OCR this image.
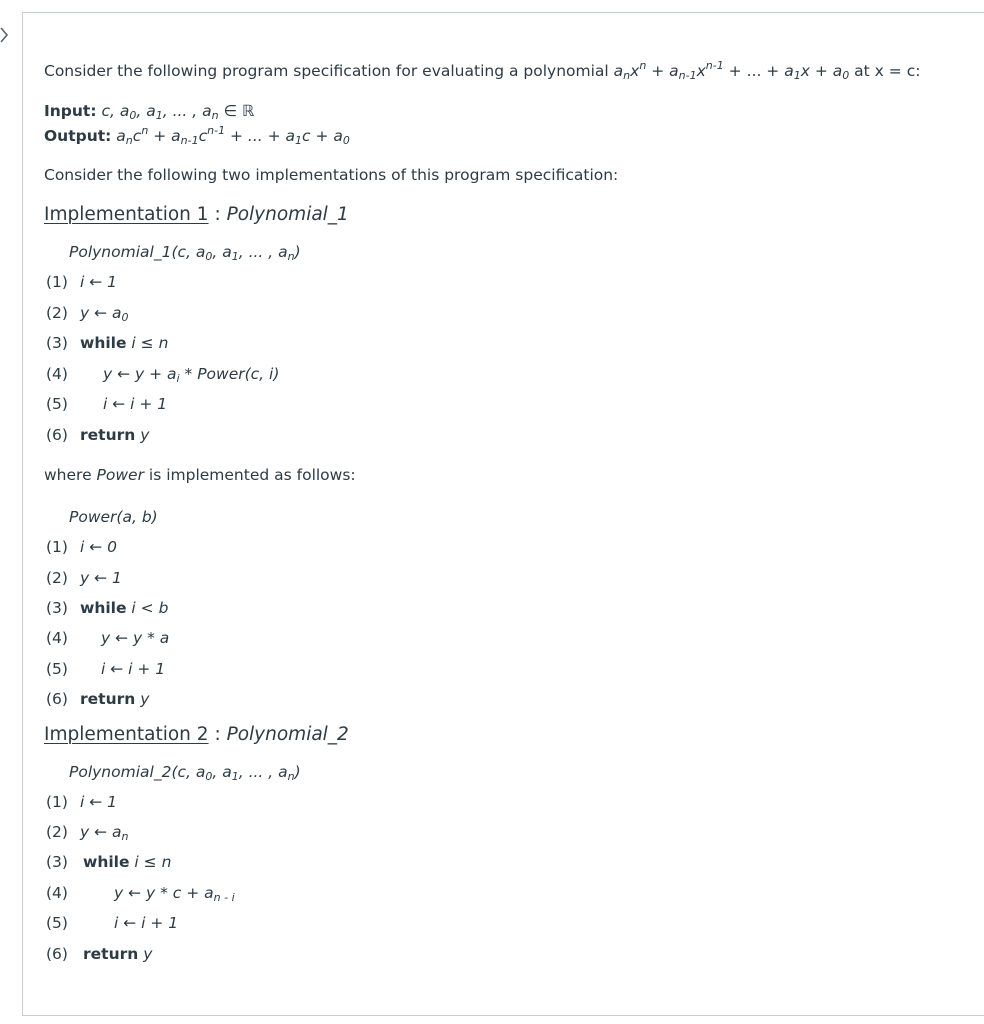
Consider the following program specification for evaluating a polynomial $a_nx^n + a_{n-1}x^{n-1}$ + ... + $a_1x + a_0$ at x = c:
Input: c, $a_0$, $a_1$, ... , $a_n$ ∈ ℝ
Output: $a_nc^n + a_{n-1}c^{n-1}$ + ... + $a_1c + a_0$
Consider the following two implementations of this program specification:
Implementation 1 : Polynomial_1
Polynomial_1(c, $a_0$, $a_1$, ... , $a_n$)
(1) i ← 1
(2) y ← $a_0$
(3) while i ≤ n
(4) y ← $y + a_i$ * Power(c, i)
(5) i ← i + 1
(6) return y
where Power is implemented as follows:
Power(a, b)
(1) i ← 0
(2) y ← 1
(3) while i < b
(4) y ← y * a
(5) i ← i + 1
(6) return y
Implementation 2 : Polynomial_2
Polynomial_2(c, $a_0$, $a_1$, ... , $a_n$)
(1) i ← 1
(2) y ← $a_n$
(3) while i ≤ n
(4)	y ← $y * c + a_{n - i}$
(5)	i ← i + 1
(6) return y
